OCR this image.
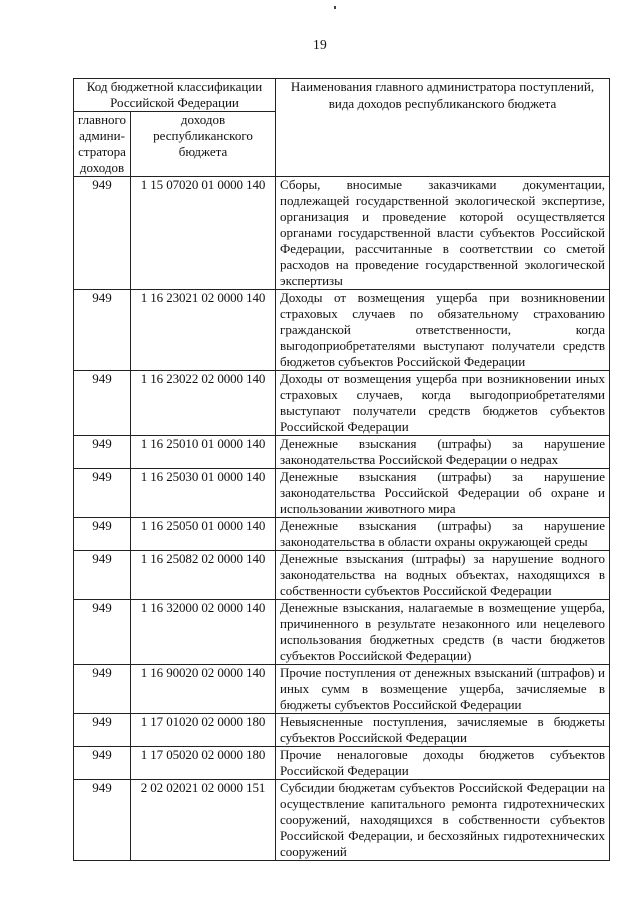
19
Код бюджетной классификации Российской Федерации		Наименования главного администратора поступлений, вида доходов республиканского бюджета
главного админи-стратора доходов	доходов республиканского бюджета	
949	1 15 07020 01 0000 140	Сборы, вносимые заказчиками документации, подлежащей государственной экологической экспертизе, организация и проведение которой осуществляется органами государственной власти субъектов Российской Федерации, рассчитанные в соответствии со сметой расходов на проведение государственной экологической экспертизы
949	1 16 23021 02 0000 140	Доходы от возмещения ущерба при возникновении страховых случаев по обязательному страхованию гражданской ответственности, когда выгодоприобретателями выступают получатели средств бюджетов субъектов Российской Федерации
949	1 16 23022 02 0000 140	Доходы от возмещения ущерба при возникновении иных страховых случаев, когда выгодоприобретателями выступают получатели средств бюджетов субъектов Российской Федерации
949	1 16 25010 01 0000 140	Денежные взыскания (штрафы) за нарушение законодательства Российской Федерации о недрах
949	1 16 25030 01 0000 140	Денежные взыскания (штрафы) за нарушение законодательства Российской Федерации об охране и использовании животного мира
949	1 16 25050 01 0000 140	Денежные взыскания (штрафы) за нарушение законодательства в области охраны окружающей среды
949	1 16 25082 02 0000 140	Денежные взыскания (штрафы) за нарушение водного законодательства на водных объектах, находящихся в собственности субъектов Российской Федерации
949	1 16 32000 02 0000 140	Денежные взыскания, налагаемые в возмещение ущерба, причиненного в результате незаконного или нецелевого использования бюджетных средств (в части бюджетов субъектов Российской Федерации)
949	1 16 90020 02 0000 140	Прочие поступления от денежных взысканий (штрафов) и иных сумм в возмещение ущерба, зачисляемые в бюджеты субъектов Российской Федерации
949	1 17 01020 02 0000 180	Невыясненные поступления, зачисляемые в бюджеты субъектов Российской Федерации
949	1 17 05020 02 0000 180	Прочие неналоговые доходы бюджетов субъектов Российской Федерации
949	2 02 02021 02 0000 151	Субсидии бюджетам субъектов Российской Федерации на осуществление капитального ремонта гидротехнических сооружений, находящихся в собственности субъектов Российской Федерации, и бесхозяйных гидротехнических сооружений
